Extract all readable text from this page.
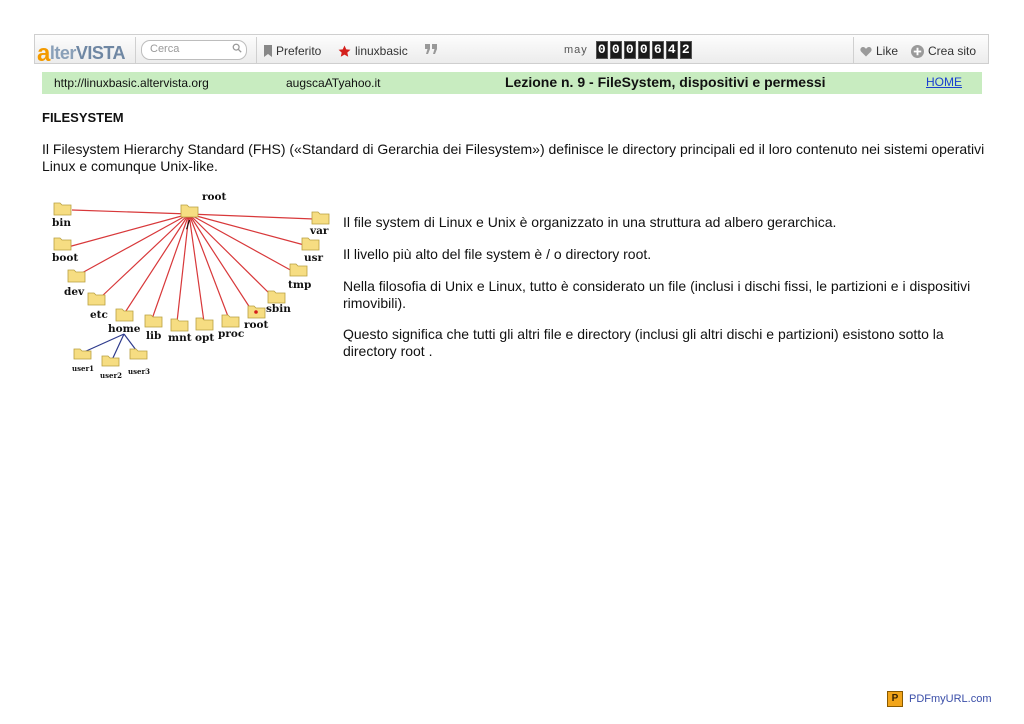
alterVISTA Cerca	Preferito	linuxbasic	may 0 0 0 0 6 4 2	Like Crea sito
http://linuxbasic.altervista.org	augscaATyahoo.it	Lezione n. 9 - FileSystem, dispositivi e permessi	HOME
FILESYSTEM
Il Filesystem Hierarchy Standard (FHS) («Standard di Gerarchia dei Filesystem») definisce le directory principali ed il loro contenuto nei sistemi operativi Linux e comunque Unix-like.
root
/
bin
boot
dev
etc
home
lib mnt opt proc
root
sbin
tmp
usr
var
user1
user2 user3
Il file system di Linux e Unix è organizzato in una struttura ad albero gerarchica.
Il livello più alto del file system è / o directory root.
Nella filosofia di Unix e Linux, tutto è considerato un file (inclusi i dischi fissi, le partizioni e i dispositivi rimovibili).
Questo significa che tutti gli altri file e directory (inclusi gli altri dischi e partizioni) esistono sotto la directory root .
P PDFmyURL.com
